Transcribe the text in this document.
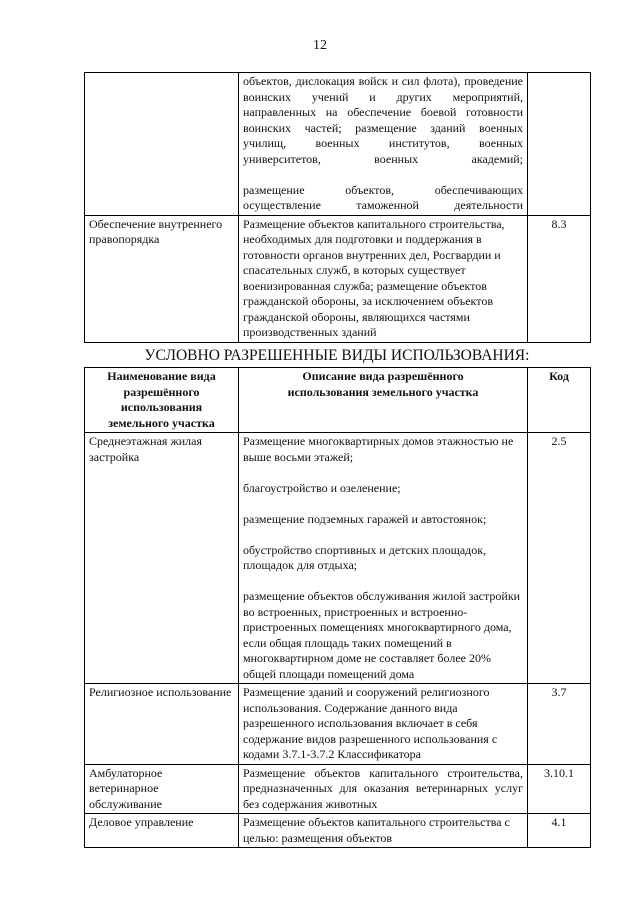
12

	объектов, дислокация войск и сил флота), проведение воинских учений и других мероприятий, направленных на обеспечение боевой готовности воинских частей; размещение зданий военных училищ, военных институтов, военных университетов, военных академий;

размещение объектов, обеспечивающих осуществление таможенной деятельности	

Обеспечение внутреннего правопорядка	Размещение объектов капитального строительства, необходимых для подготовки и поддержания в готовности органов внутренних дел, Росгвардии и спасательных служб, в которых существует военизированная служба; размещение объектов гражданской обороны, за исключением объектов гражданской обороны, являющихся частями производственных зданий	8.3
УСЛОВНО РАЗРЕШЕННЫЕ ВИДЫ ИСПОЛЬЗОВАНИЯ:
Наименование вида разрешённого использования земельного участка	Описание вида разрешённого использования земельного участка	Код
Среднеэтажная жилая застройка	Размещение многоквартирных домов этажностью не выше восьми этажей;

благоустройство и озеленение;

размещение подземных гаражей и автостоянок;

обустройство спортивных и детских площадок, площадок для отдыха;

размещение объектов обслуживания жилой застройки во встроенных, пристроенных и встроенно-пристроенных помещениях многоквартирного дома, если общая площадь таких помещений в многоквартирном доме не составляет более 20% общей площади помещений дома	2.5
Религиозное использование	Размещение зданий и сооружений религиозного использования. Содержание данного вида разрешенного использования включает в себя содержание видов разрешенного использования с кодами 3.7.1-3.7.2 Классификатора	3.7
Амбулаторное ветеринарное обслуживание	Размещение объектов капитального строительства, предназначенных для оказания ветеринарных услуг без содержания животных	3.10.1
Деловое управление	Размещение объектов капитального строительства с целью: размещения объектов	4.1
